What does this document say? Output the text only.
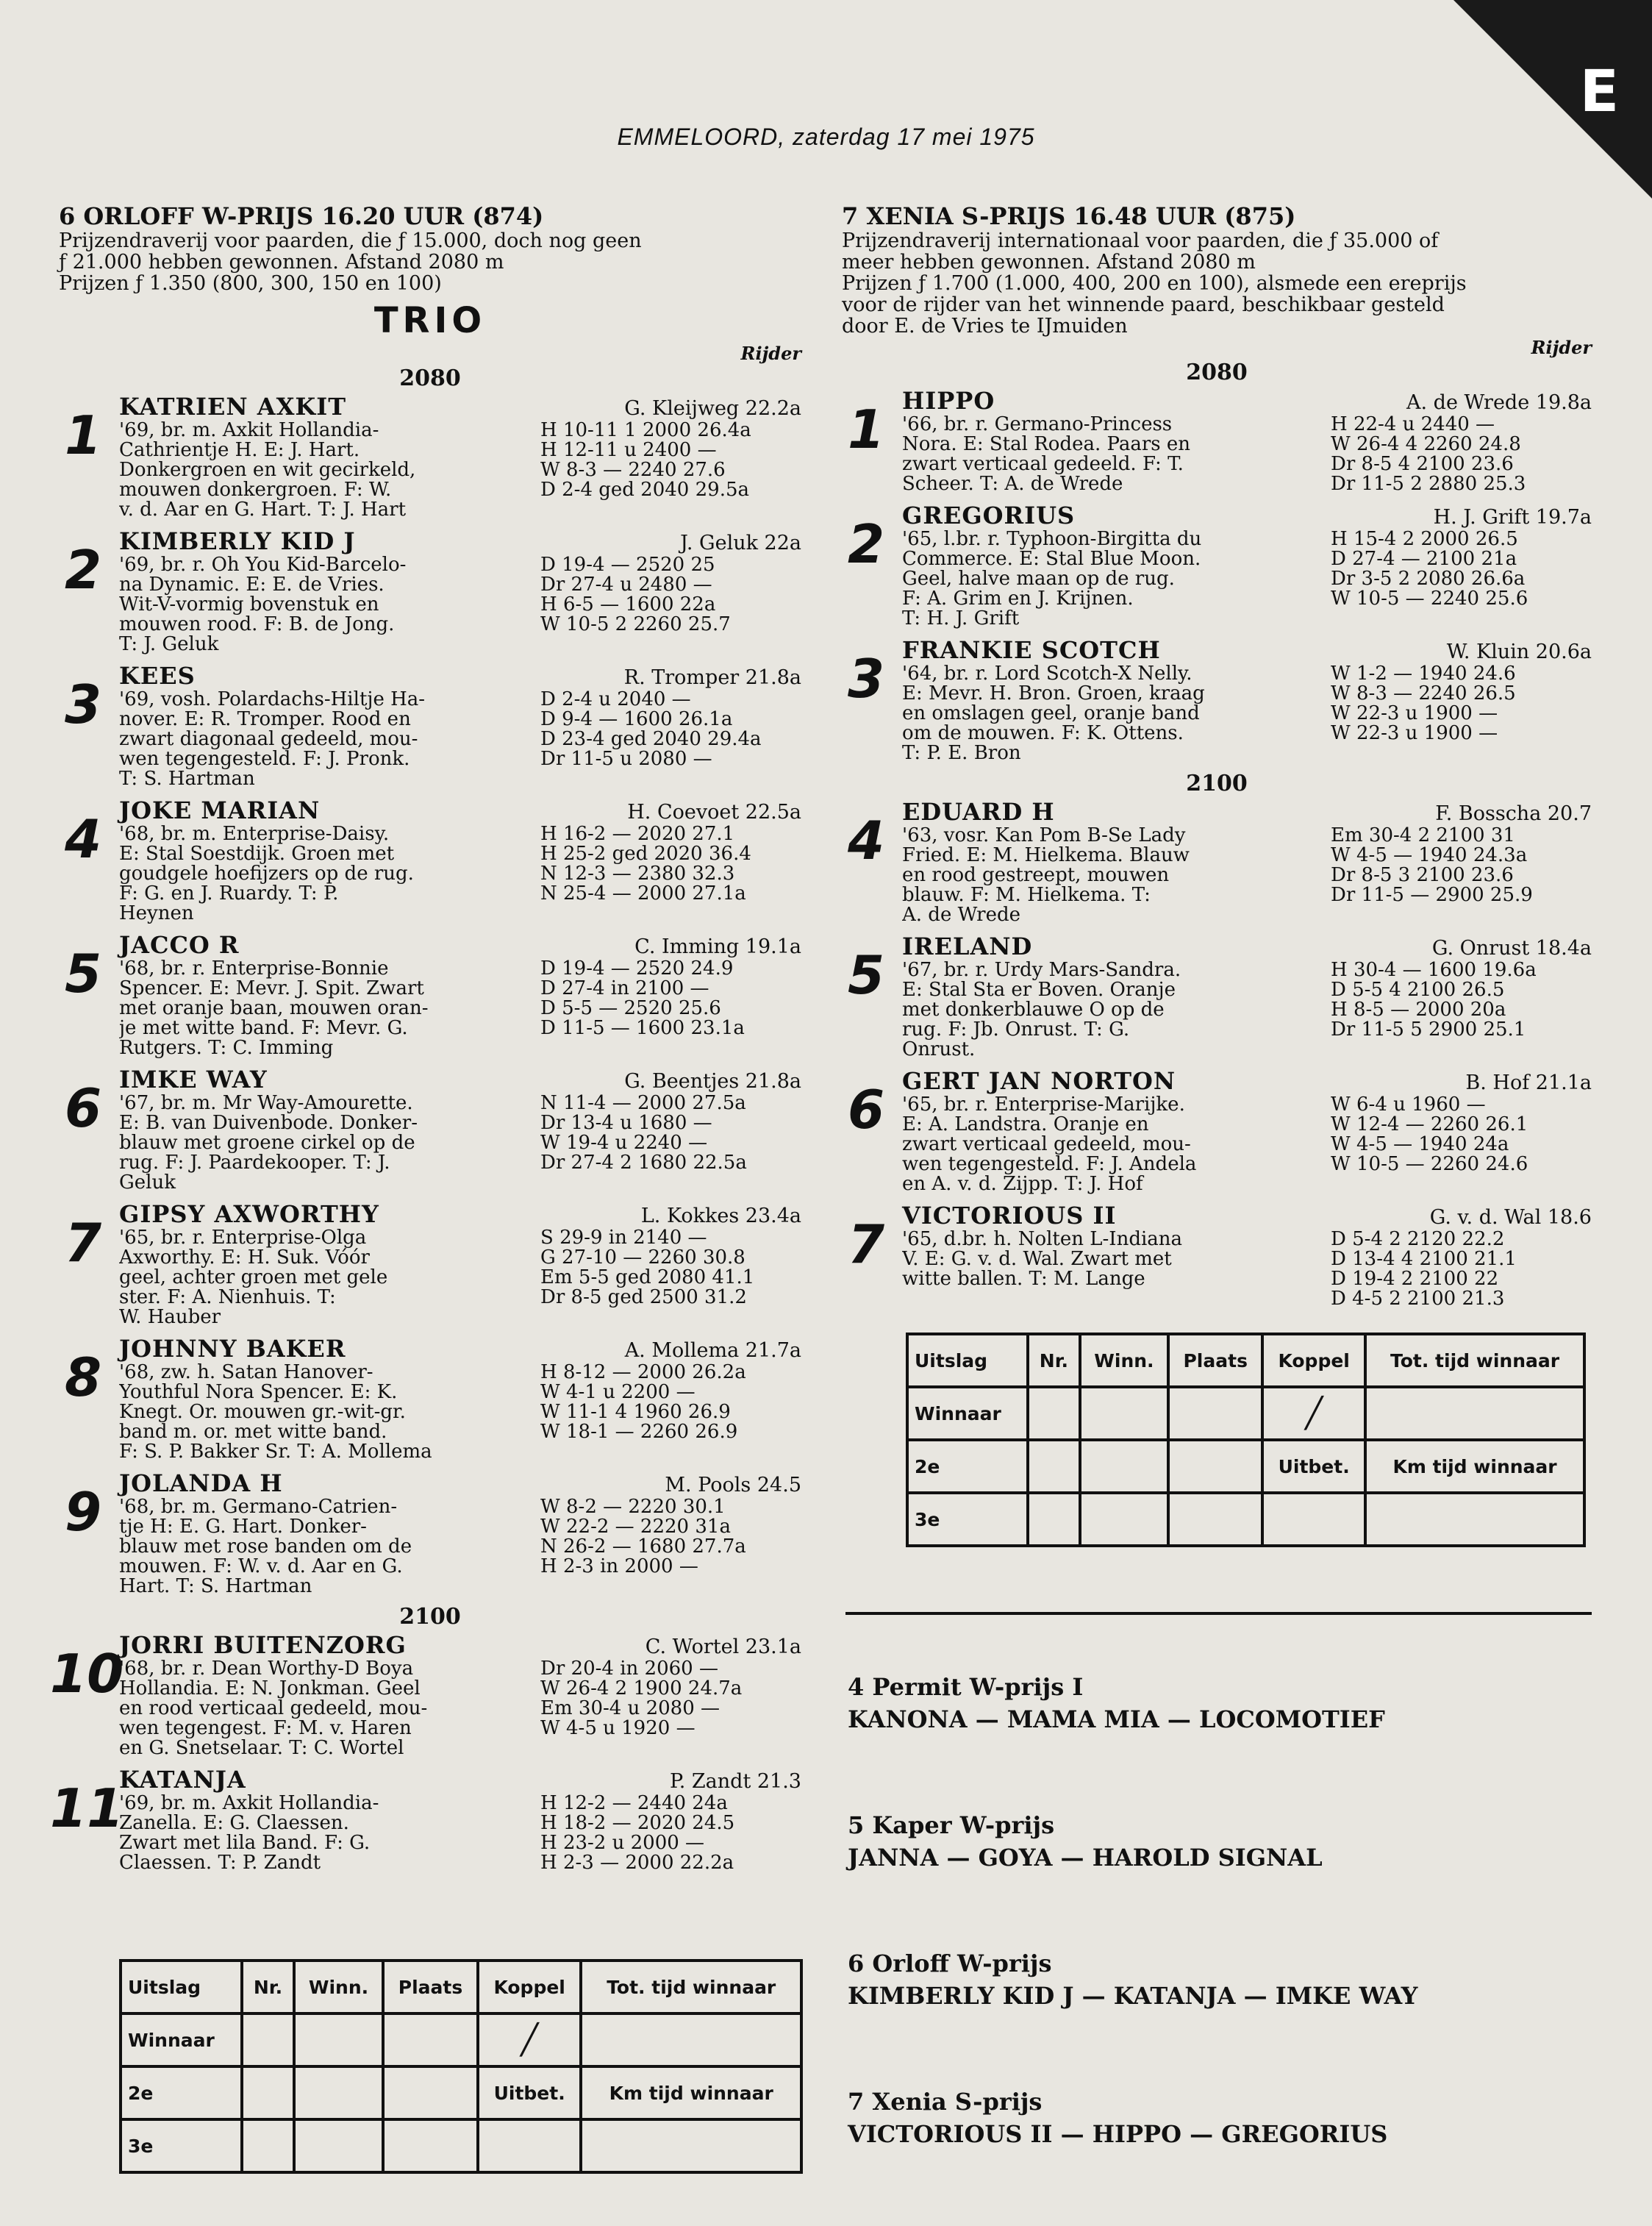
E
EMMELOORD, zaterdag 17 mei 1975
6 ORLOFF W-PRIJS 16.20 UUR (874)
Prijzendraverij voor paarden, die ƒ 15.000, doch nog geen
ƒ 21.000 hebben gewonnen. Afstand 2080 m
Prijzen ƒ 1.350 (800, 300, 150 en 100)
TRIO
Rijder
2080
1 KATRIEN AXKIT	G. Kleijweg 22.2a
'69, br. m. Axkit Hollandia-
Cathrientje H. E: J. Hart.
Donkergroen en wit gecirkeld,
mouwen donkergroen. F: W.
v. d. Aar en G. Hart. T: J. Hart
H 10-11 1 2000 26.4a
H 12-11 u 2400 —
W 8-3 — 2240 27.6
D 2-4 ged 2040 29.5a
2 KIMBERLY KID J	J. Geluk 22a
'69, br. r. Oh You Kid-Barcelo-
na Dynamic. E: E. de Vries.
Wit-V-vormig bovenstuk en
mouwen rood. F: B. de Jong.
T: J. Geluk
D 19-4 — 2520 25
Dr 27-4 u 2480 —
H 6-5 — 1600 22a
W 10-5 2 2260 25.7
3 KEES	R. Tromper 21.8a
'69, vosh. Polardachs-Hiltje Ha-
nover. E: R. Tromper. Rood en
zwart diagonaal gedeeld, mou-
wen tegengesteld. F: J. Pronk.
T: S. Hartman
D 2-4 u 2040 —
D 9-4 — 1600 26.1a
D 23-4 ged 2040 29.4a
Dr 11-5 u 2080 —
4 JOKE MARIAN	H. Coevoet 22.5a
'68, br. m. Enterprise-Daisy.
E: Stal Soestdijk. Groen met
goudgele hoefijzers op de rug.
F: G. en J. Ruardy. T: P.
Heynen
H 16-2 — 2020 27.1
H 25-2 ged 2020 36.4
N 12-3 — 2380 32.3
N 25-4 — 2000 27.1a
5 JACCO R	C. Imming 19.1a
'68, br. r. Enterprise-Bonnie
Spencer. E: Mevr. J. Spit. Zwart
met oranje baan, mouwen oran-
je met witte band. F: Mevr. G.
Rutgers. T: C. Imming
D 19-4 — 2520 24.9
D 27-4 in 2100 —
D 5-5 — 2520 25.6
D 11-5 — 1600 23.1a
6 IMKE WAY	G. Beentjes 21.8a
'67, br. m. Mr Way-Amourette.
E: B. van Duivenbode. Donker-
blauw met groene cirkel op de
rug. F: J. Paardekooper. T: J.
Geluk
N 11-4 — 2000 27.5a
Dr 13-4 u 1680 —
W 19-4 u 2240 —
Dr 27-4 2 1680 22.5a
7 GIPSY AXWORTHY	L. Kokkes 23.4a
'65, br. r. Enterprise-Olga
Axworthy. E: H. Suk. Vóór
geel, achter groen met gele
ster. F: A. Nienhuis. T:
W. Hauber
S 29-9 in 2140 —
G 27-10 — 2260 30.8
Em 5-5 ged 2080 41.1
Dr 8-5 ged 2500 31.2
8 JOHNNY BAKER	A. Mollema 21.7a
'68, zw. h. Satan Hanover-
Youthful Nora Spencer. E: K.
Knegt. Or. mouwen gr.-wit-gr.
band m. or. met witte band.
F: S. P. Bakker Sr. T: A. Mollema
H 8-12 — 2000 26.2a
W 4-1 u 2200 —
W 11-1 4 1960 26.9
W 18-1 — 2260 26.9
9 JOLANDA H	M. Pools 24.5
'68, br. m. Germano-Catrien-
tje H: E. G. Hart. Donker-
blauw met rose banden om de
mouwen. F: W. v. d. Aar en G.
Hart. T: S. Hartman
W 8-2 — 2220 30.1
W 22-2 — 2220 31a
N 26-2 — 1680 27.7a
H 2-3 in 2000 —
2100
10
JORRI BUITENZORG	C. Wortel 23.1a
'68, br. r. Dean Worthy-D Boya
Hollandia. E: N. Jonkman. Geel
en rood verticaal gedeeld, mou-
wen tegengest. F: M. v. Haren
en G. Snetselaar. T: C. Wortel
Dr 20-4 in 2060 —
W 26-4 2 1900 24.7a
Em 30-4 u 2080 —
W 4-5 u 1920 —
11
KATANJA	P. Zandt 21.3
'69, br. m. Axkit Hollandia-
Zanella. E: G. Claessen.
Zwart met lila Band. F: G.
Claessen. T: P. Zandt
H 12-2 — 2440 24a
H 18-2 — 2020 24.5
H 23-2 u 2000 —
H 2-3 — 2000 22.2a
7 XENIA S-PRIJS 16.48 UUR (875)
Prijzendraverij internationaal voor paarden, die ƒ 35.000 of
meer hebben gewonnen. Afstand 2080 m
Prijzen ƒ 1.700 (1.000, 400, 200 en 100), alsmede een ereprijs
voor de rijder van het winnende paard, beschikbaar gesteld
door E. de Vries te IJmuiden
Rijder
2080
1 HIPPO	A. de Wrede 19.8a
'66, br. r. Germano-Princess
Nora. E: Stal Rodea. Paars en
zwart verticaal gedeeld. F: T.
Scheer. T: A. de Wrede
H 22-4 u 2440 —
W 26-4 4 2260 24.8
Dr 8-5 4 2100 23.6
Dr 11-5 2 2880 25.3
2 GREGORIUS	H. J. Grift 19.7a
'65, l.br. r. Typhoon-Birgitta du
Commerce. E: Stal Blue Moon.
Geel, halve maan op de rug.
F: A. Grim en J. Krijnen.
T: H. J. Grift
H 15-4 2 2000 26.5
D 27-4 — 2100 21a
Dr 3-5 2 2080 26.6a
W 10-5 — 2240 25.6
3 FRANKIE SCOTCH	W. Kluin 20.6a
'64, br. r. Lord Scotch-X Nelly.
E: Mevr. H. Bron. Groen, kraag
en omslagen geel, oranje band
om de mouwen. F: K. Ottens.
T: P. E. Bron
W 1-2 — 1940 24.6
W 8-3 — 2240 26.5
W 22-3 u 1900 —
W 22-3 u 1900 —
2100
4 EDUARD H	F. Bosscha 20.7
'63, vosr. Kan Pom B-Se Lady
Fried. E: M. Hielkema. Blauw
en rood gestreept, mouwen
blauw. F: M. Hielkema. T:
A. de Wrede
Em 30-4 2 2100 31
W 4-5 — 1940 24.3a
Dr 8-5 3 2100 23.6
Dr 11-5 — 2900 25.9
5 IRELAND	G. Onrust 18.4a
'67, br. r. Urdy Mars-Sandra.
E: Stal Sta er Boven. Oranje
met donkerblauwe O op de
rug. F: Jb. Onrust. T: G.
Onrust.
H 30-4 — 1600 19.6a
D 5-5 4 2100 26.5
H 8-5 — 2000 20a
Dr 11-5 5 2900 25.1
6 GERT JAN NORTON	B. Hof 21.1a
'65, br. r. Enterprise-Marijke.
E: A. Landstra. Oranje en
zwart verticaal gedeeld, mou-
wen tegengesteld. F: J. Andela
en A. v. d. Zijpp. T: J. Hof
W 6-4 u 1960 —
W 12-4 — 2260 26.1
W 4-5 — 1940 24a
W 10-5 — 2260 24.6
7 VICTORIOUS II	G. v. d. Wal 18.6
'65, d.br. h. Nolten L-Indiana
V. E: G. v. d. Wal. Zwart met
witte ballen. T: M. Lange
D 5-4 2 2120 22.2
D 13-4 4 2100 21.1
D 19-4 2 2100 22
D 4-5 2 2100 21.3
Uitslag	Nr.	Winn.	Plaats	Koppel	Tot. tijd winnaar
Winnaar				╱	
2e				Uitbet.	Km tijd winnaar
3e					
Uitslag	Nr.	Winn.	Plaats	Koppel	Tot. tijd winnaar
Winnaar				╱	
2e				Uitbet.	Km tijd winnaar
3e					
4 Permit W-prijs I
KANONA — MAMA MIA — LOCOMOTIEF
5 Kaper W-prijs
JANNA — GOYA — HAROLD SIGNAL
6 Orloff W-prijs
KIMBERLY KID J — KATANJA — IMKE WAY
7 Xenia S-prijs
VICTORIOUS II — HIPPO — GREGORIUS
